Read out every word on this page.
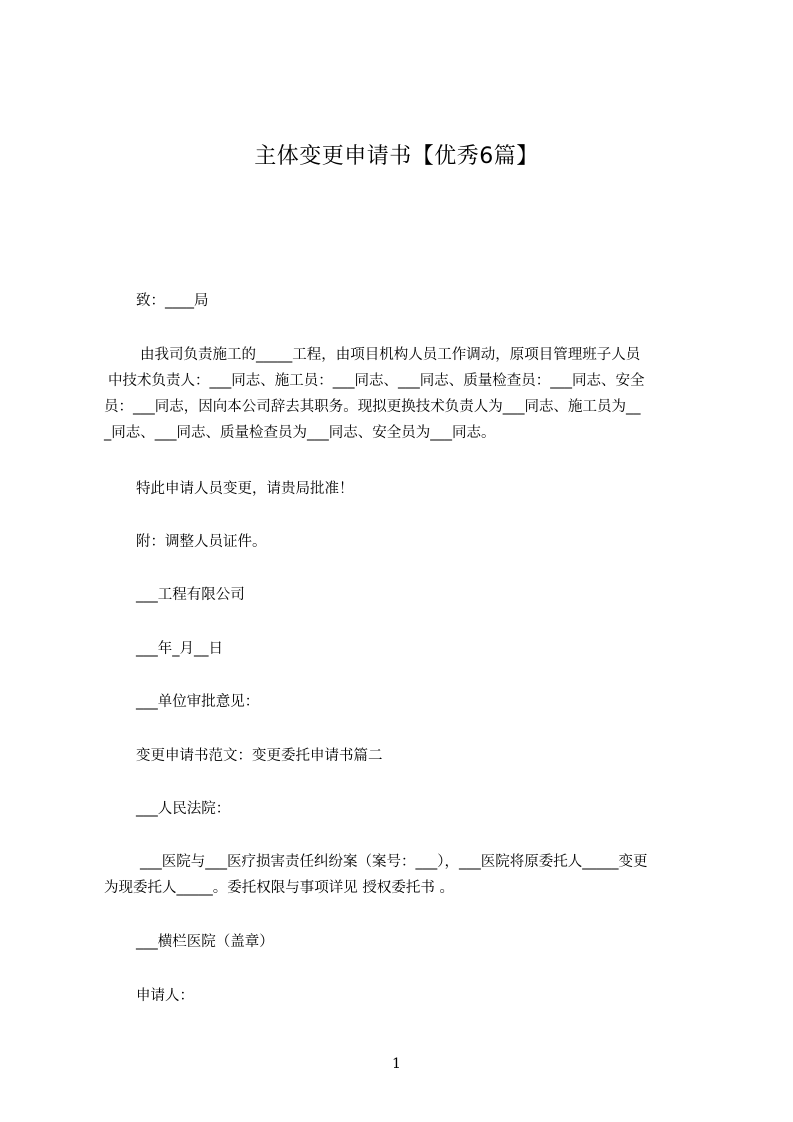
主体变更申请书【优秀6篇】

致：____局

由我司负责施工的_____工程，由项目机构人员工作调动，原项目管理班子人员
中技术负责人：___同志、施工员：___同志、___同志、质量检查员：___同志、安全
员：___同志，因向本公司辞去其职务。现拟更换技术负责人为___同志、施工员为__
_同志、___同志、质量检查员为___同志、安全员为___同志。

特此申请人员变更，请贵局批准！

附：调整人员证件。

___工程有限公司

___年_月__日

___单位审批意见：

变更申请书范文：变更委托申请书篇二

___人民法院：

___医院与___医疗损害责任纠纷案（案号：___），___医院将原委托人_____变更
为现委托人_____。委托权限与事项详见 授权委托书 。

___横栏医院（盖章）

申请人：

1
